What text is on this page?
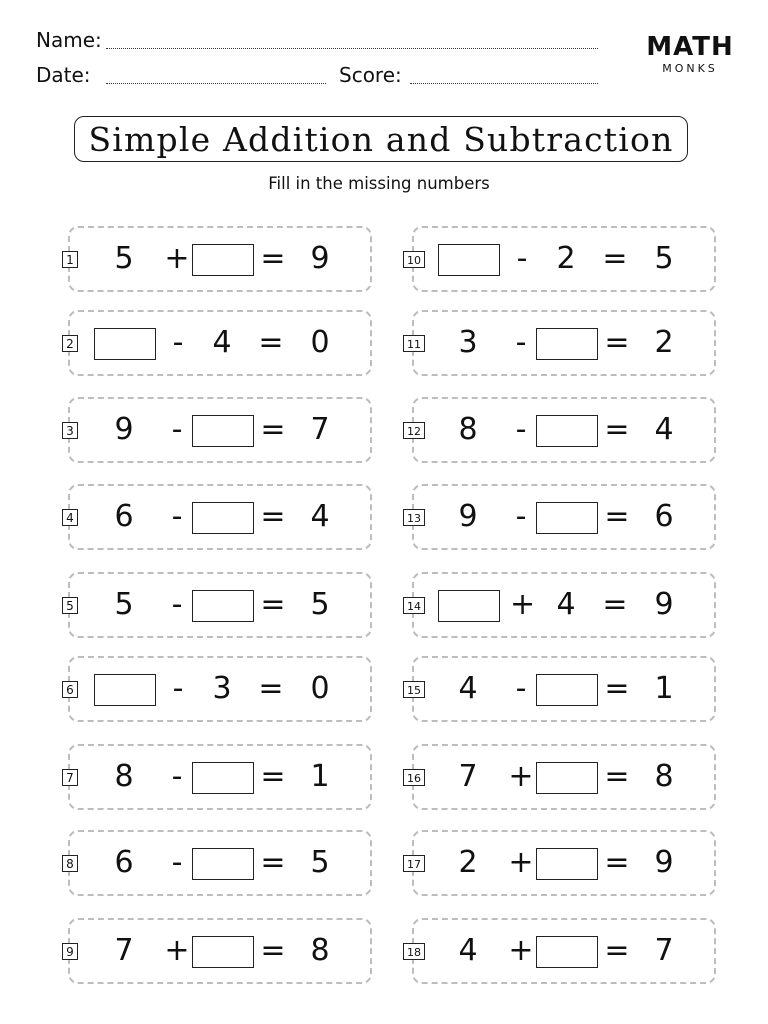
Name:
Date:	Score:
MATH
MONKS
Simple Addition and Subtraction
Fill in the missing numbers
1 5 + = 9
2	- 4 = 0
3 9 -	= 7
4 6 -	= 4
5 5 -	= 5
6	- 3 = 0
7 8 -	= 1
8 6 -	= 5
9 7 + = 8
10	- 2 = 5
11 3 -	= 2
12 8 -	= 4
13 9 -	= 6
14	+ 4 = 9
15 4 -	= 1
16 7 + = 8
17 2 + = 9
18 4 + = 7
